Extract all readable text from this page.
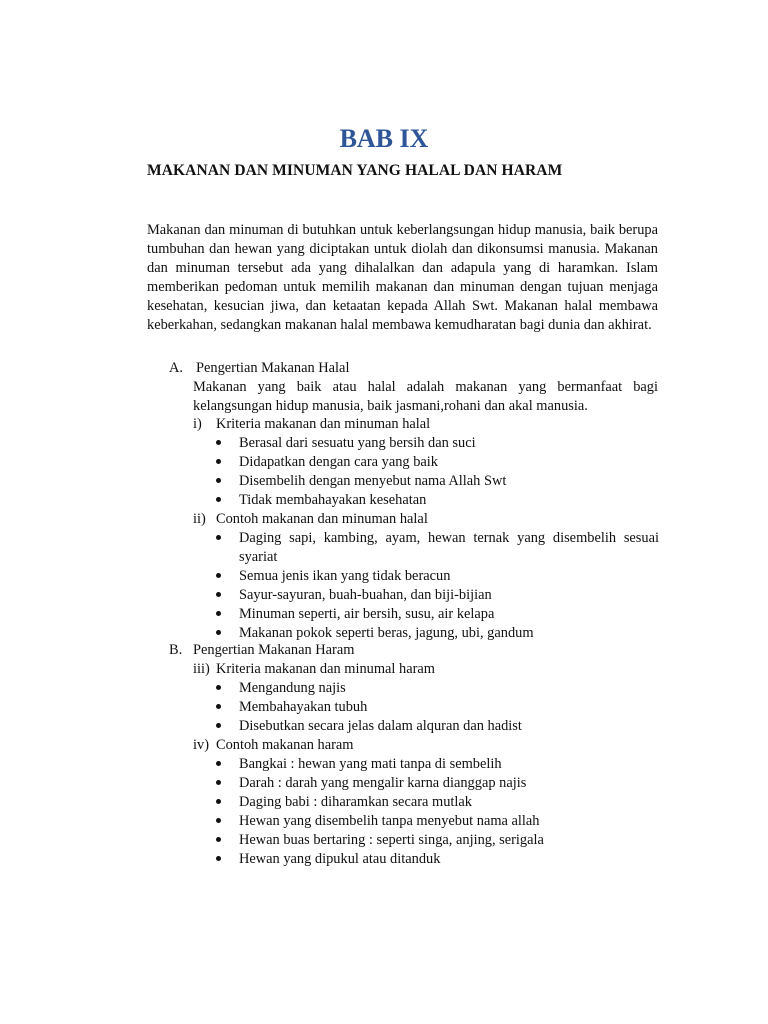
BAB IX
MAKANAN DAN MINUMAN YANG HALAL DAN HARAM

Makanan dan minuman di butuhkan untuk keberlangsungan hidup manusia, baik berupa tumbuhan dan hewan yang diciptakan untuk diolah dan dikonsumsi manusia. Makanan dan minuman tersebut ada yang dihalalkan dan adapula yang di haramkan. Islam memberikan pedoman untuk memilih makanan dan minuman dengan tujuan menjaga kesehatan, kesucian jiwa, dan ketaatan kepada Allah Swt. Makanan halal membawa keberkahan, sedangkan makanan halal membawa kemudharatan bagi dunia dan akhirat.

A. Pengertian Makanan Halal

Makanan yang baik atau halal adalah makanan yang bermanfaat bagi kelangsungan hidup manusia, baik jasmani,rohani dan akal manusia.

i) Kriteria makanan dan minuman halal
Berasal dari sesuatu yang bersih dan suci
Didapatkan dengan cara yang baik
Disembelih dengan menyebut nama Allah Swt
Tidak membahayakan kesehatan
ii) Contoh makanan dan minuman halal

Daging sapi, kambing, ayam, hewan ternak yang disembelih sesuai syariat

Semua jenis ikan yang tidak beracun
Sayur-sayuran, buah-buahan, dan biji-bijian
Minuman seperti, air bersih, susu, air kelapa
Makanan pokok seperti beras, jagung, ubi, gandum
B. Pengertian Makanan Haram
iii) Kriteria makanan dan minumal haram
Mengandung najis
Membahayakan tubuh
Disebutkan secara jelas dalam alquran dan hadist
iv) Contoh makanan haram
Bangkai : hewan yang mati tanpa di sembelih
Darah : darah yang mengalir karna dianggap najis
Daging babi : diharamkan secara mutlak
Hewan yang disembelih tanpa menyebut nama allah
Hewan buas bertaring : seperti singa, anjing, serigala
Hewan yang dipukul atau ditanduk
